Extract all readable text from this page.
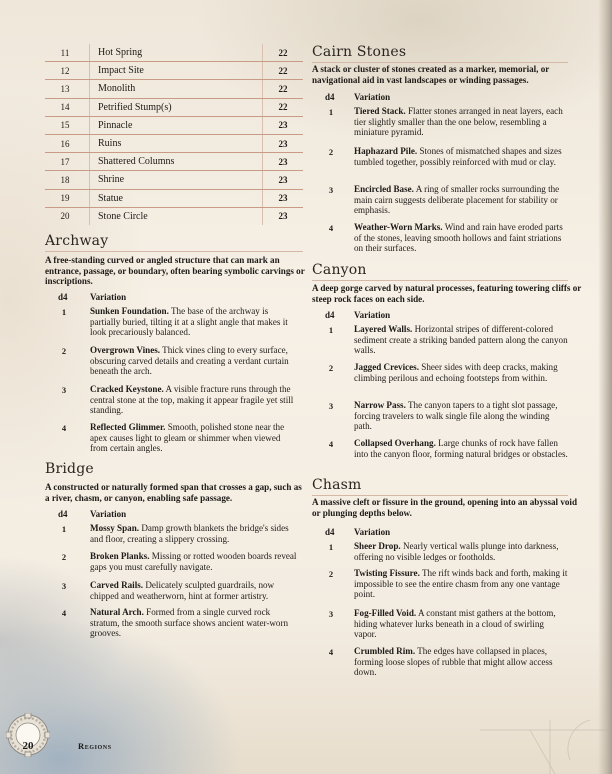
11	Hot Spring	22
12	Impact Site	22
13	Monolith	22
14	Petrified Stump(s)	22
15	Pinnacle	23
16	Ruins	23
17	Shattered Columns	23
18	Shrine	23
19	Statue	23
20	Stone Circle	23
Archway

A free-standing curved or angled structure that can mark an entrance, passage, or boundary, often bearing symbolic carvings or inscriptions.

d4 Variation
1	Sunken Foundation. The base of the archway is partially buried, tilting it at a slight angle that makes it look precariously balanced.
2	Overgrown Vines. Thick vines cling to every surface, obscuring carved details and creating a verdant curtain beneath the arch.
3	Cracked Keystone. A visible fracture runs through the central stone at the top, making it appear fragile yet still standing.
4	Reflected Glimmer. Smooth, polished stone near the apex causes light to gleam or shimmer when viewed from certain angles.
Bridge

A constructed or naturally formed span that crosses a gap, such as a river, chasm, or canyon, enabling safe passage.

d4 Variation
1	Mossy Span. Damp growth blankets the bridge's sides and floor, creating a slippery crossing.
2	Broken Planks. Missing or rotted wooden boards reveal gaps you must carefully navigate.
3	Carved Rails. Delicately sculpted guardrails, now chipped and weatherworn, hint at former artistry.
4	Natural Arch. Formed from a single curved rock stratum, the smooth surface shows ancient water-worn grooves.
Cairn Stones

A stack or cluster of stones created as a marker, memorial, or navigational aid in vast landscapes or winding passages.

d4 Variation
1	Tiered Stack. Flatter stones arranged in neat layers, each tier slightly smaller than the one below, resembling a miniature pyramid.
2	Haphazard Pile. Stones of mismatched shapes and sizes tumbled together, possibly reinforced with mud or clay.
3	Encircled Base. A ring of smaller rocks surrounding the main cairn suggests deliberate placement for stability or emphasis.
4	Weather-Worn Marks. Wind and rain have eroded parts of the stones, leaving smooth hollows and faint striations on their surfaces.
Canyon

A deep gorge carved by natural processes, featuring towering cliffs or steep rock faces on each side.

d4 Variation
1	Layered Walls. Horizontal stripes of different-colored sediment create a striking banded pattern along the canyon walls.
2	Jagged Crevices. Sheer sides with deep cracks, making climbing perilous and echoing footsteps from within.
3	Narrow Pass. The canyon tapers to a tight slot passage, forcing travelers to walk single file along the winding path.
4	Collapsed Overhang. Large chunks of rock have fallen into the canyon floor, forming natural bridges or obstacles.
Chasm

A massive cleft or fissure in the ground, opening into an abyssal void or plunging depths below.

d4 Variation
1	Sheer Drop. Nearly vertical walls plunge into darkness, offering no visible ledges or footholds.
2	Twisting Fissure. The rift winds back and forth, making it impossible to see the entire chasm from any one vantage point.
3	Fog-Filled Void. A constant mist gathers at the bottom, hiding whatever lurks beneath in a cloud of swirling vapor.
4	Crumbled Rim. The edges have collapsed in places, forming loose slopes of rubble that might allow access down.
20	Regions
